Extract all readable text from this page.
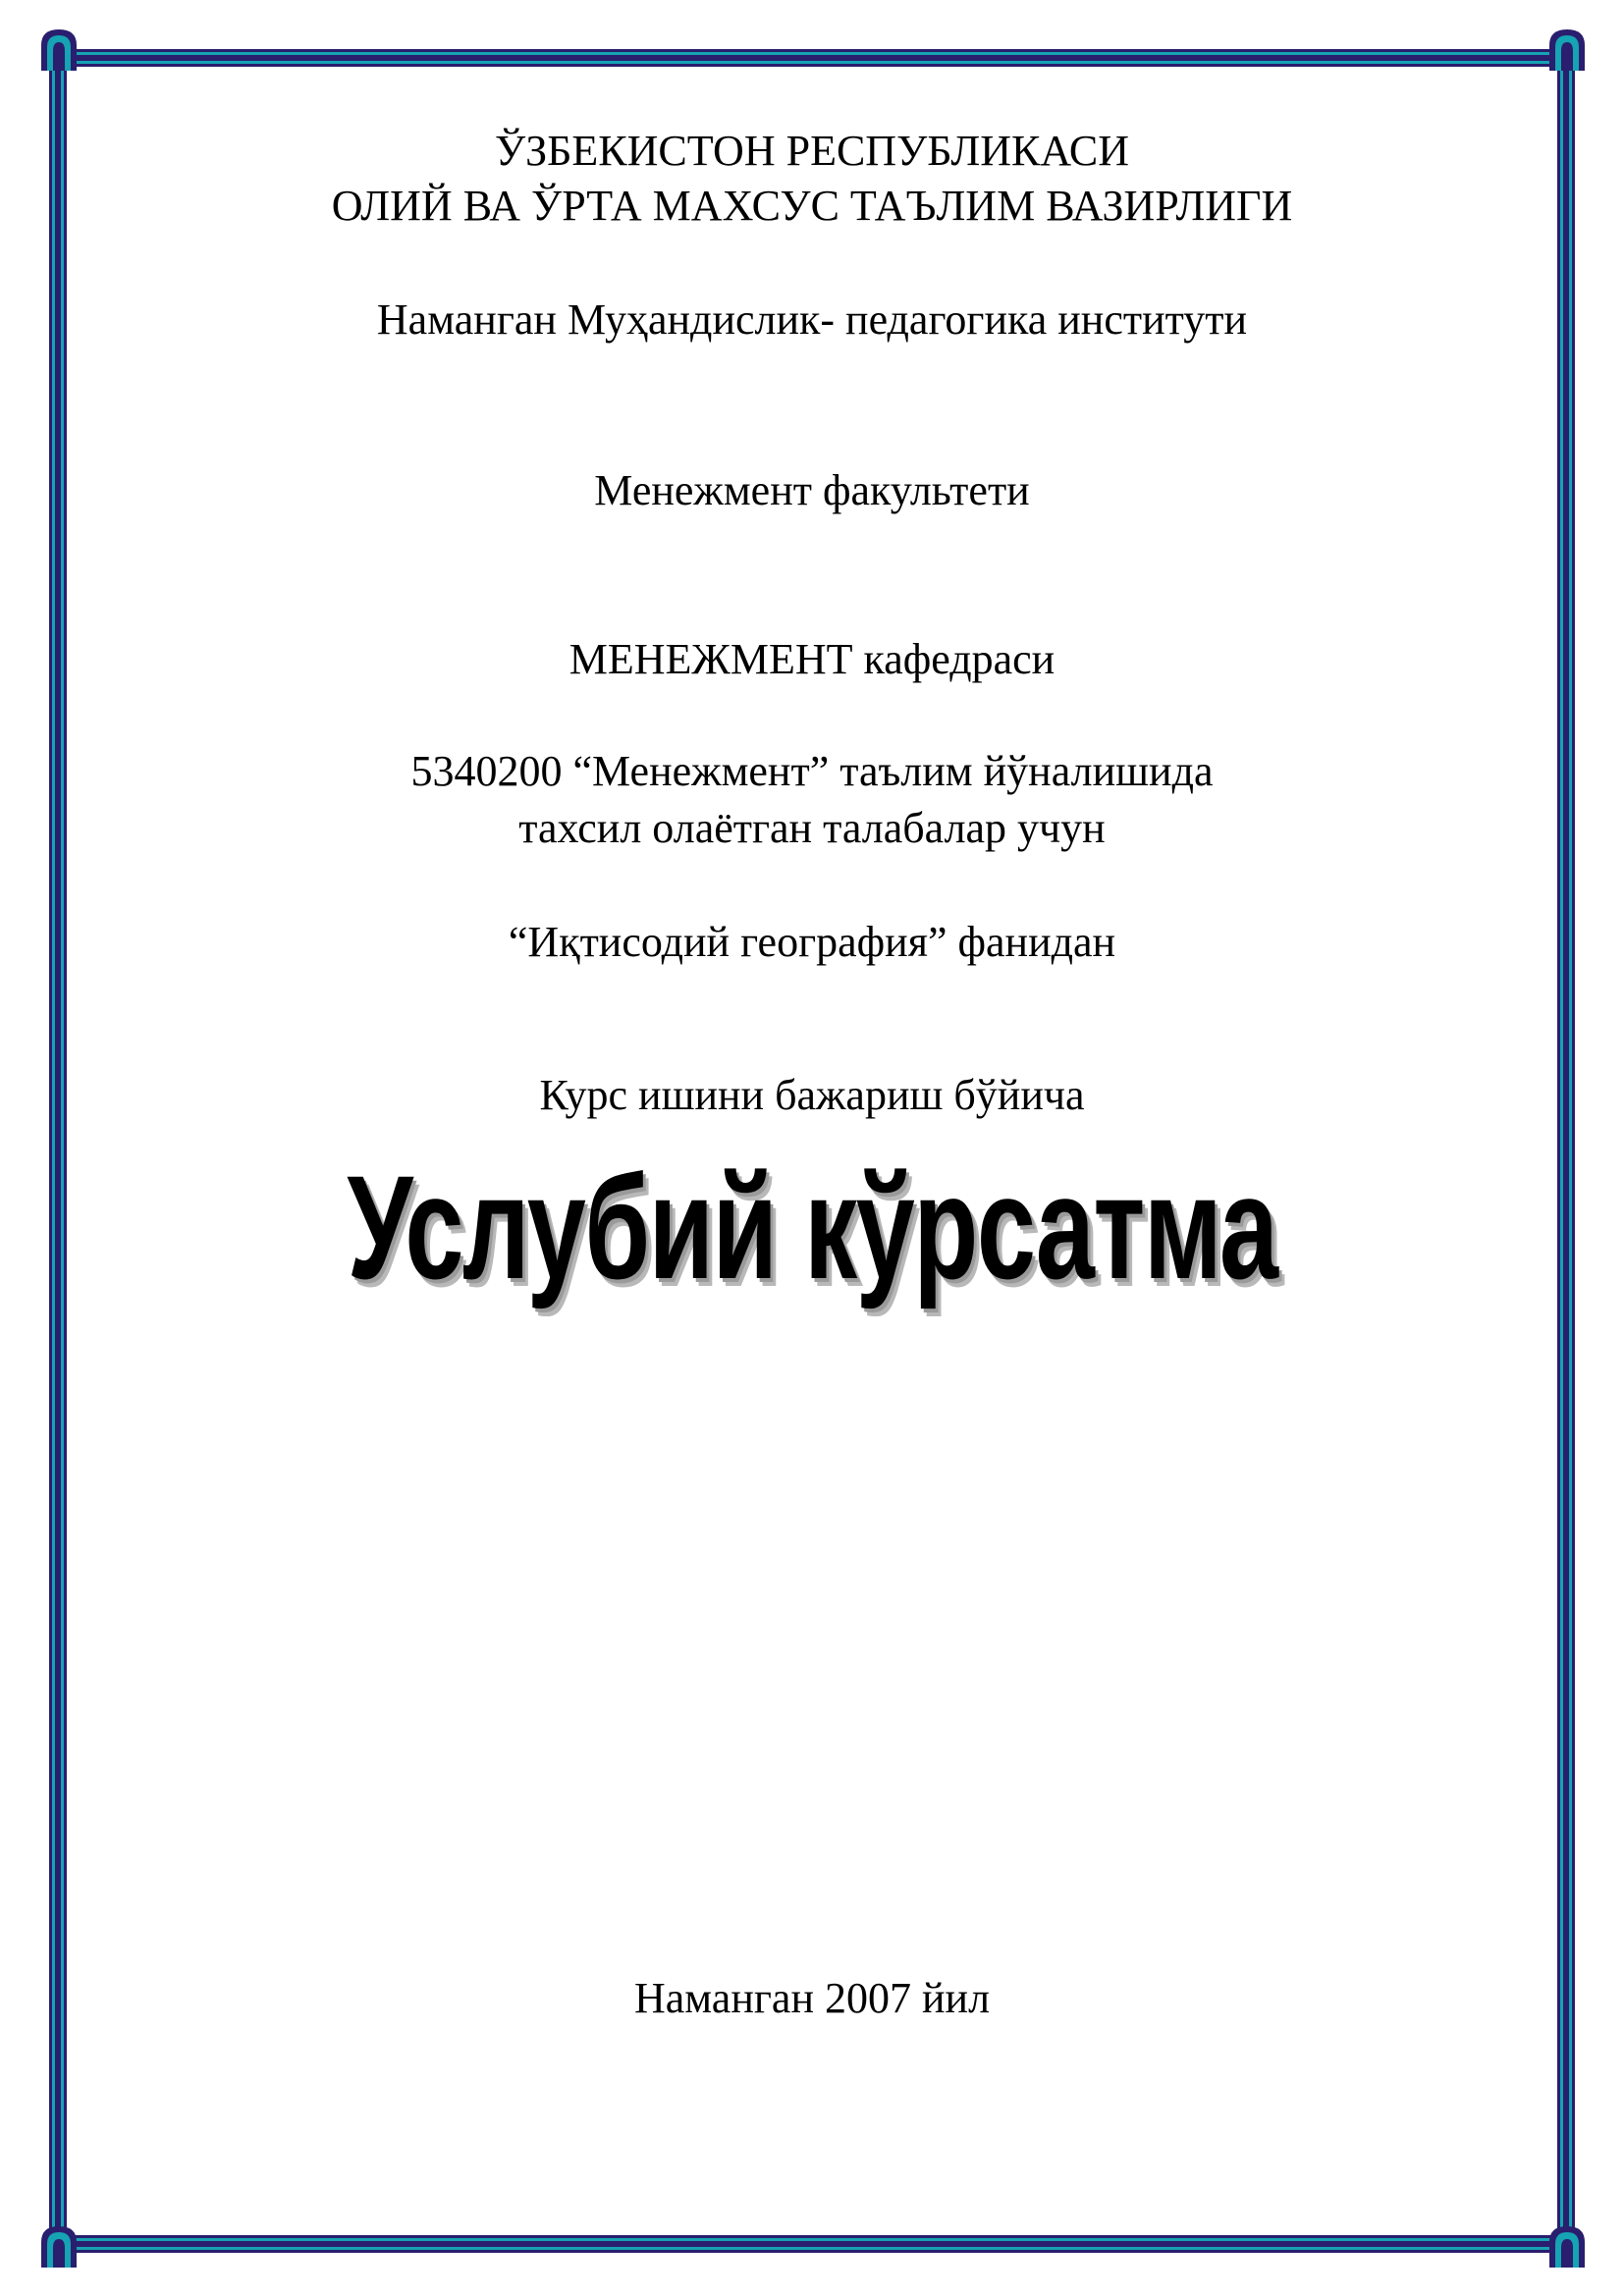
ЎЗБЕКИСТОН РЕСПУБЛИКАСИ
ОЛИЙ ВА ЎРТА МАХСУС ТАЪЛИМ ВАЗИРЛИГИ
Наманган Муҳандислик- педагогика институти
Менежмент факультети
МЕНЕЖМЕНТ кафедраси
5340200 “Менежмент” таълим йўналишида
тахсил олаётган талабалар учун
“Иқтисодий география” фанидан
Курс ишини бажариш бўйича
Услубий кўрсатма
Наманган 2007 йил
